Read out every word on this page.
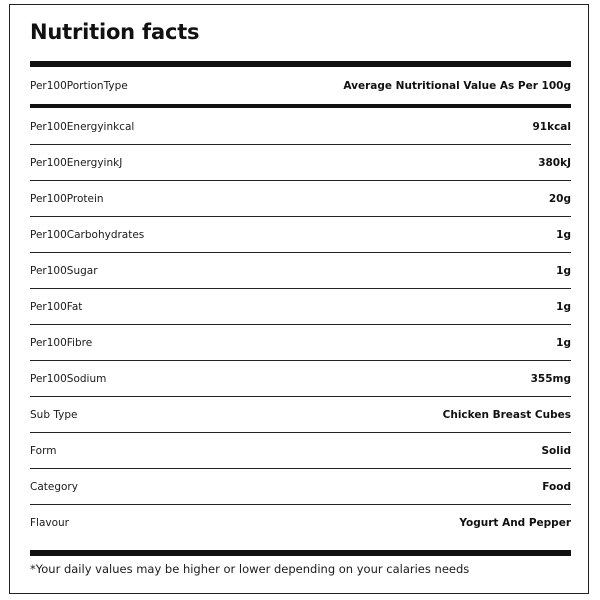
Nutrition facts
Per100PortionType	Average Nutritional Value As Per 100g
Per100Energyinkcal	91kcal
Per100EnergyinkJ	380kJ
Per100Protein	20g
Per100Carbohydrates	1g
Per100Sugar	1g
Per100Fat	1g
Per100Fibre	1g
Per100Sodium	355mg
Sub Type	Chicken Breast Cubes
Form	Solid
Category	Food
Flavour	Yogurt And Pepper
*Your daily values may be higher or lower depending on your calaries needs
